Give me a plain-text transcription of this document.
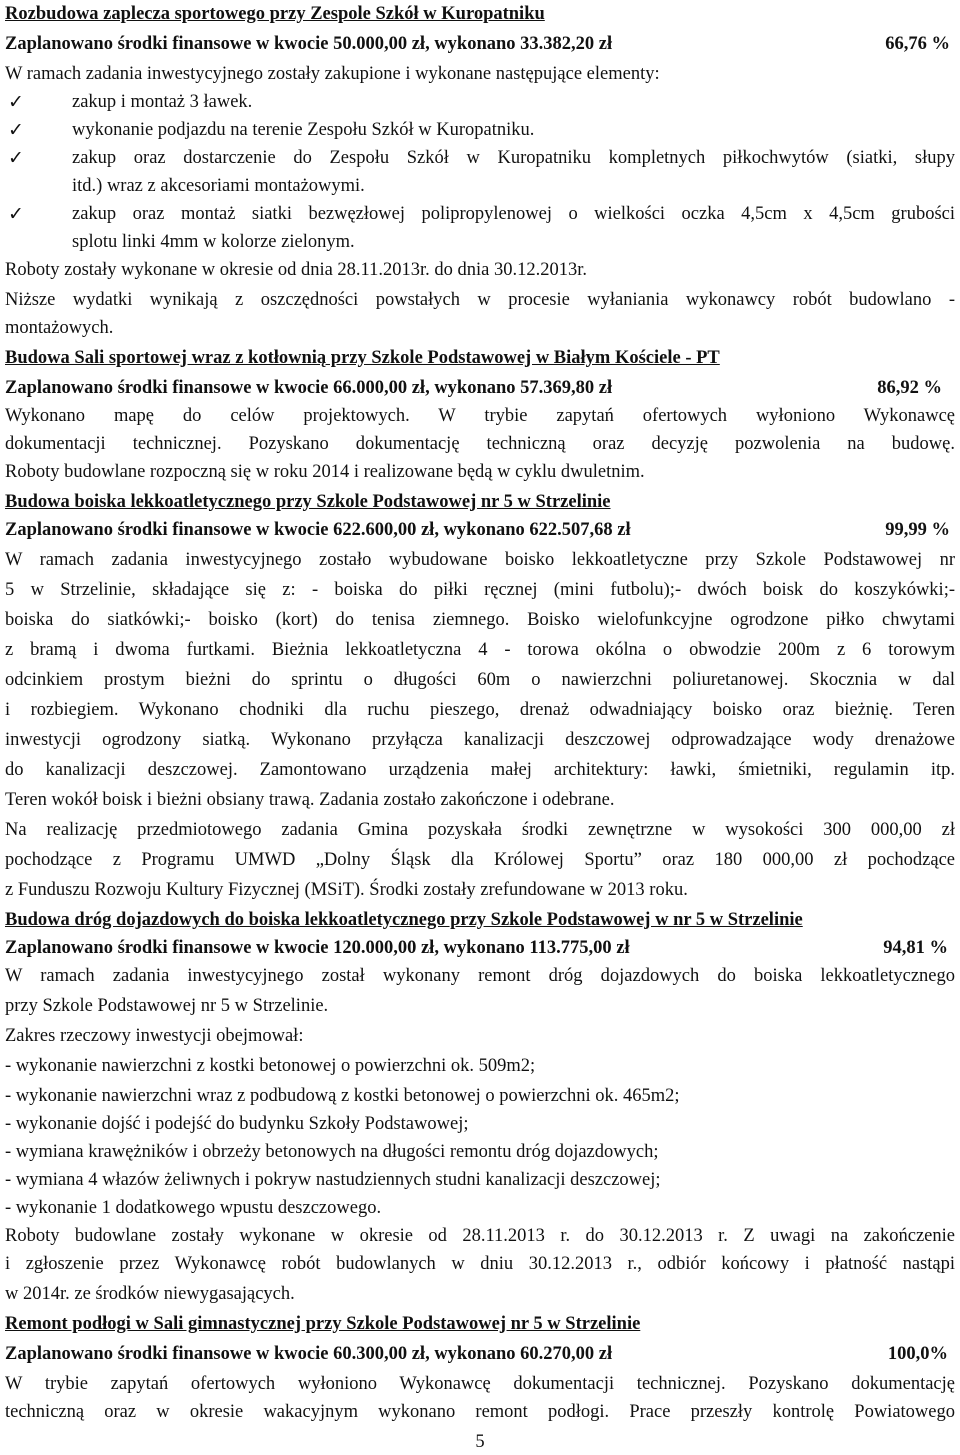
Rozbudowa zaplecza sportowego przy Zespole Szkół w Kuropatniku
Zaplanowano środki finansowe w kwocie 50.000,00 zł, wykonano 33.382,20 zł	66,76 %
W ramach zadania inwestycyjnego zostały zakupione i wykonane następujące elementy:
✓	zakup i montaż 3 ławek.
✓	wykonanie podjazdu na terenie Zespołu Szkół w Kuropatniku.
✓	zakup oraz dostarczenie do Zespołu Szkół w Kuropatniku kompletnych piłkochwytów (siatki, słupy
itd.) wraz z akcesoriami montażowymi.
✓	zakup oraz montaż siatki bezwęzłowej polipropylenowej o wielkości oczka 4,5cm x 4,5cm grubości
splotu linki 4mm w kolorze zielonym.
Roboty zostały wykonane w okresie od dnia 28.11.2013r. do dnia 30.12.2013r.
Niższe wydatki wynikają z oszczędności powstałych w procesie wyłaniania wykonawcy robót budowlano -
montażowych.
Budowa Sali sportowej wraz z kotłownią przy Szkole Podstawowej w Białym Kościele - PT
Zaplanowano środki finansowe w kwocie 66.000,00 zł, wykonano 57.369,80 zł	86,92 %
Wykonano mapę do celów projektowych. W trybie zapytań ofertowych wyłoniono Wykonawcę
dokumentacji technicznej. Pozyskano dokumentację techniczną oraz decyzję pozwolenia na budowę.
Roboty budowlane rozpoczną się w roku 2014 i realizowane będą w cyklu dwuletnim.
Budowa boiska lekkoatletycznego przy Szkole Podstawowej nr 5 w Strzelinie
Zaplanowano środki finansowe w kwocie 622.600,00 zł, wykonano 622.507,68 zł	99,99 %
W ramach zadania inwestycyjnego zostało wybudowane boisko lekkoatletyczne przy Szkole Podstawowej nr
5 w Strzelinie, składające się z: - boiska do piłki ręcznej (mini futbolu);- dwóch boisk do koszykówki;-
boiska do siatkówki;- boisko (kort) do tenisa ziemnego. Boisko wielofunkcyjne ogrodzone piłko chwytami
z bramą i dwoma furtkami. Bieżnia lekkoatletyczna 4 - torowa okólna o obwodzie 200m z 6 torowym
odcinkiem prostym bieżni do sprintu o długości 60m o nawierzchni poliuretanowej. Skocznia w dal
i rozbiegiem. Wykonano chodniki dla ruchu pieszego, drenaż odwadniający boisko oraz bieżnię. Teren
inwestycji ogrodzony siatką. Wykonano przyłącza kanalizacji deszczowej odprowadzające wody drenażowe
do kanalizacji deszczowej. Zamontowano urządzenia małej architektury: ławki, śmietniki, regulamin itp.
Teren wokół boisk i bieżni obsiany trawą. Zadania zostało zakończone i odebrane.
Na realizację przedmiotowego zadania Gmina pozyskała środki zewnętrzne w wysokości 300 000,00 zł
pochodzące z Programu UMWD „Dolny Śląsk dla Królowej Sportu” oraz 180 000,00 zł pochodzące
z Funduszu Rozwoju Kultury Fizycznej (MSiT). Środki zostały zrefundowane w 2013 roku.
Budowa dróg dojazdowych do boiska lekkoatletycznego przy Szkole Podstawowej w nr 5 w Strzelinie
Zaplanowano środki finansowe w kwocie 120.000,00 zł, wykonano 113.775,00 zł	94,81 %
W ramach zadania inwestycyjnego został wykonany remont dróg dojazdowych do boiska lekkoatletycznego
przy Szkole Podstawowej nr 5 w Strzelinie.
Zakres rzeczowy inwestycji obejmował:
- wykonanie nawierzchni z kostki betonowej o powierzchni ok. 509m2;
- wykonanie nawierzchni wraz z podbudową z kostki betonowej o powierzchni ok. 465m2;
- wykonanie dojść i podejść do budynku Szkoły Podstawowej;
- wymiana krawężników i obrzeży betonowych na długości remontu dróg dojazdowych;
- wymiana 4 włazów żeliwnych i pokryw nastudziennych studni kanalizacji deszczowej;
- wykonanie 1 dodatkowego wpustu deszczowego.
Roboty budowlane zostały wykonane w okresie od 28.11.2013 r. do 30.12.2013 r. Z uwagi na zakończenie
i zgłoszenie przez Wykonawcę robót budowlanych w dniu 30.12.2013 r., odbiór końcowy i płatność nastąpi
w 2014r. ze środków niewygasających.
Remont podłogi w Sali gimnastycznej przy Szkole Podstawowej nr 5 w Strzelinie
Zaplanowano środki finansowe w kwocie 60.300,00 zł, wykonano 60.270,00 zł	100,0%
W trybie zapytań ofertowych wyłoniono Wykonawcę dokumentacji technicznej. Pozyskano dokumentację
techniczną oraz w okresie wakacyjnym wykonano remont podłogi. Prace przeszły kontrolę Powiatowego
5
